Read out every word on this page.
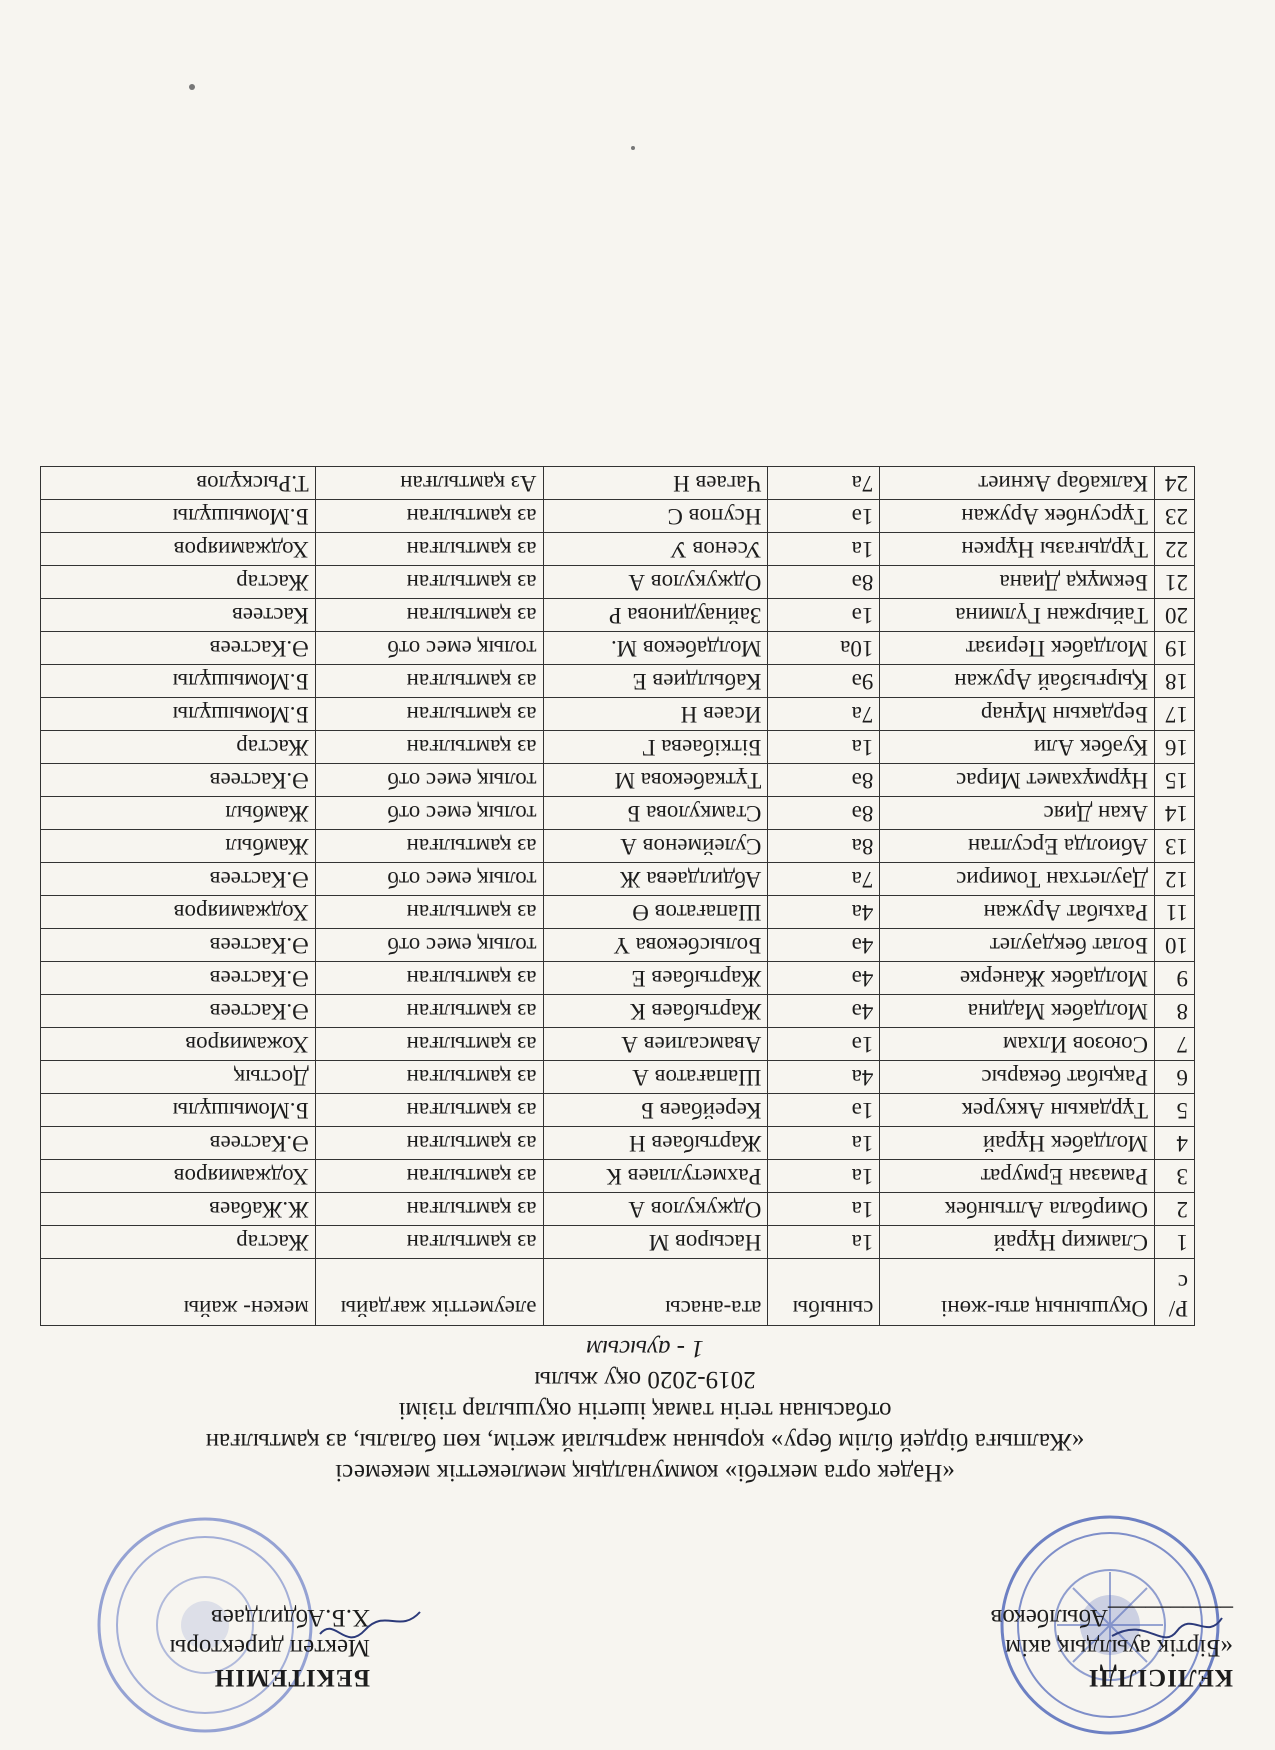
КЕЛІСІЛДІ
«Біртік ауылдық акім
__________Абылбеков
БЕКІТЕМІН
Мектеп директоры
Х.Б.Абдилдаев
«Нәдек орта мектебі» коммуналдық мемлекеттік мекемесі
«Жалпыға бірдей білім беру» қорынан жартылай жетім, көп балалы, аз қамтылған
отбасынан тегін тамақ ішетін оқушылар тізімі
2019-2020 оқу жылы
1 - ауысым
Р/с	Оқушының аты-жөні	сыныбы	ата-анасы	әлеуметтік жағдайы	мекен- жайы
1	Сламкир Нұрай	1а	Насыров М	аз қамтылған	Жастар
2	Омирбала Алтынбек	1а	Оджукулов А	аз қамтылған	Ж.Жабаев
3	Рамазан Ермурат	1а	Рахметуллаев К	аз қамтылған	Ходжамияров
4	Молдабек Нұрай	1а	Жартыбаев Н	аз қамтылған	Ә.Кастеев
5	Тұрдакын Аккурек	1ә	Керейбаев Б	аз қамтылған	Б.Момышұлы
6	Рақыбат бекарыс	4а	Шапағатов А	аз қамтылған	Достық
7	Союзов Илхам	1ә	Авамсалиев А	аз қамтылған	Хожамияров
8	Молдабек Мадина	4ә	Жартыбаев К	аз қамтылған	Ә.Кастеев
9	Молдабек Жанерке	4ә	Жартыбаев Е	аз қамтылған	Ә.Кастеев
10	Болат бекдәулет	4ә	Болысбекова Ү	толық емес отб	Ә.Кастеев
11	Рахыбат Аружан	4а	Шапағатов Ө	аз қамтылған	Ходжамияров
12	Дәулетхан Томирис	7а	Абдилдаева Ж	толық емес отб	Ә.Кастеев
13	Абиолда Ерсултан	8а	Сулейменов А	аз қамтылған	Жамбыл
14	Акан Дияс	8ә	Стамкулова Б	толық емес отб	Жамбыл
15	Нұрмұхамет Мирас	8ә	Тұткабекова М	толық емес отб	Ә.Кастеев
16	Куәбек Али	1а	Біткібаева Г	аз қамтылған	Жастар
17	Бердакын Мұнар	7а	Исаев Н	аз қамтылған	Б.Момышұлы
18	Қырғызбай Аружан	9ә	Кабылдиев Е	аз қамтылған	Б.Момышұлы
19	Молдабек Перизат	10а	Молдабеков М.	толық емес отб	Ә.Кастеев
20	Тайыржан Гүлмина	1ә	Зайнаудинова Р	аз қамтылған	Кастеев
21	Бекмұқа Диана	8ә	Оджукулов А	аз қамтылған	Жастар
22	Тұрдығазы Нұркен	1а	Усенов У	аз қамтылған	Ходжамияров
23	Тұрсунбек Аружан	1ә	Нсупов С	аз қамтылған	Б.Момышұлы
24	Калкабар Акниет	7а	Чагаев Н	Аз қамтылған	Т.Рыскұлов
